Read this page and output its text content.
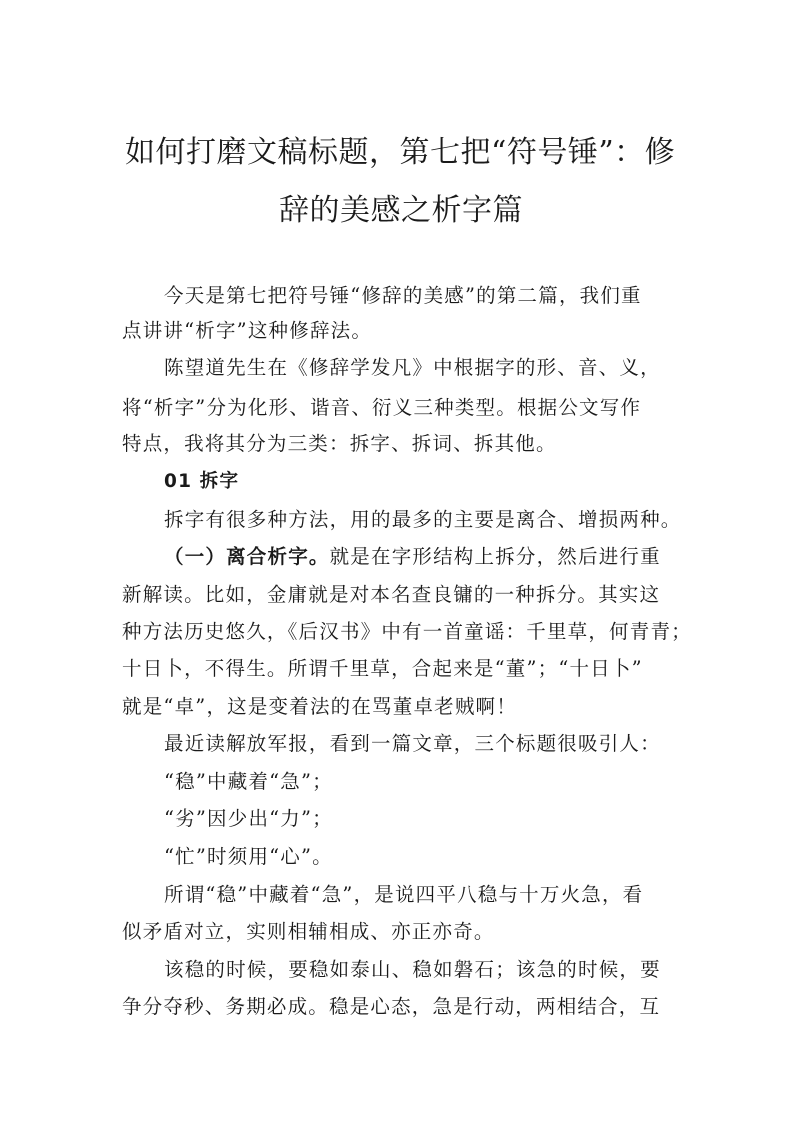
如何打磨文稿标题，第七把“符号锤”：修
辞的美感之析字篇
今天是第七把符号锤“修辞的美感”的第二篇，我们重
点讲讲“析字”这种修辞法。
陈望道先生在《修辞学发凡》中根据字的形、音、义，
将“析字”分为化形、谐音、衍义三种类型。根据公文写作
特点，我将其分为三类：拆字、拆词、拆其他。
01 拆字
拆字有很多种方法，用的最多的主要是离合、增损两种。
（一）离合析字。就是在字形结构上拆分，然后进行重
新解读。比如，金庸就是对本名查良镛的一种拆分。其实这
种方法历史悠久，《后汉书》中有一首童谣：千里草，何青青；
十日卜，不得生。所谓千里草，合起来是“董”；“十日卜”
就是“卓”，这是变着法的在骂董卓老贼啊！
最近读解放军报，看到一篇文章，三个标题很吸引人：
“稳”中藏着“急”；
“劣”因少出“力”；
“忙”时须用“心”。
所谓“稳”中藏着“急”，是说四平八稳与十万火急，看
似矛盾对立，实则相辅相成、亦正亦奇。
该稳的时候，要稳如泰山、稳如磐石；该急的时候，要
争分夺秒、务期必成。稳是心态，急是行动，两相结合，互
